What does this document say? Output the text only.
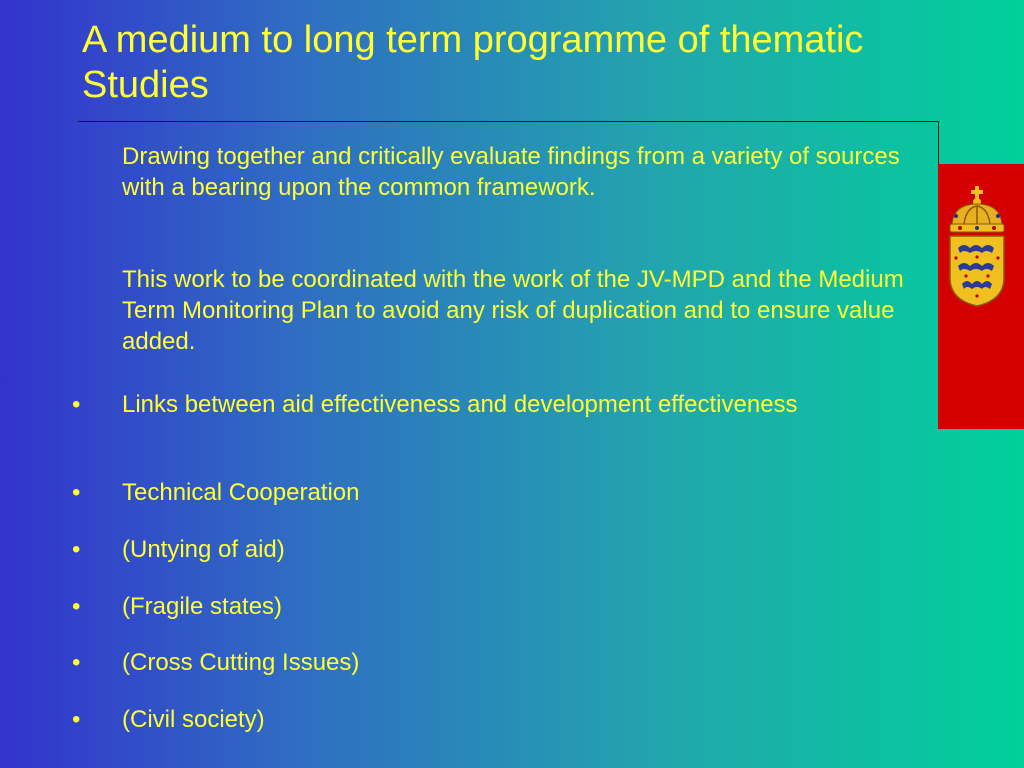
A medium to long term programme of thematic Studies

Drawing together and critically evaluate findings from a variety of sources with a bearing upon the common framework.

This work to be coordinated with the work of the JV-MPD and the Medium Term Monitoring Plan to avoid any risk of duplication and to ensure value added.

• Links between aid effectiveness and development effectiveness
• Technical Cooperation
• (Untying of aid)
• (Fragile states)
• (Cross Cutting Issues)
• (Civil society)
